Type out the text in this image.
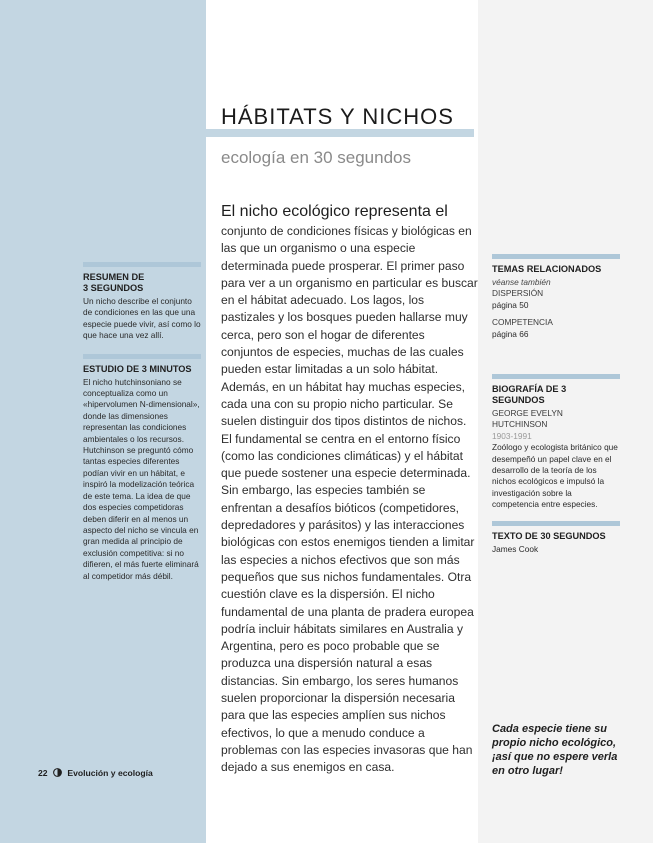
HÁBITATS Y NICHOS
ecología en 30 segundos
El nicho ecológico representa el
conjunto de condiciones físicas y biológicas en las que un organismo o una especie determinada puede prosperar. El primer paso para ver a un organismo en particular es buscar en el hábitat adecuado. Los lagos, los pastizales y los bosques pueden hallarse muy cerca, pero son el hogar de diferentes conjuntos de especies, muchas de las cuales pueden estar limitadas a un solo hábitat. Además, en un hábitat hay muchas especies, cada una con su propio nicho particular. Se suelen distinguir dos tipos distintos de nichos. El fundamental se centra en el entorno físico (como las condiciones climáticas) y el hábitat que puede sostener una especie determinada. Sin embargo, las especies también se enfrentan a desafíos bióticos (competidores, depredadores y parásitos) y las interacciones biológicas con estos enemigos tienden a limitar las especies a nichos efectivos que son más pequeños que sus nichos fundamentales. Otra cuestión clave es la dispersión. El nicho fundamental de una planta de pradera europea podría incluir hábitats similares en Australia y Argentina, pero es poco probable que se produzca una dispersión natural a esas distancias. Sin embargo, los seres humanos suelen proporcionar la dispersión necesaria para que las especies amplíen sus nichos efectivos, lo que a menudo conduce a problemas con las especies invasoras que han dejado a sus enemigos en casa.
RESUMEN DE
3 SEGUNDOS
Un nicho describe el conjunto de condiciones en las que una especie puede vivir, así como lo que hace una vez allí.
ESTUDIO DE 3 MINUTOS
El nicho hutchinsoniano se conceptualiza como un «hipervolumen N-dimensional», donde las dimensiones representan las condiciones ambientales o los recursos. Hutchinson se preguntó cómo tantas especies diferentes podían vivir en un hábitat, e inspiró la modelización teórica de este tema. La idea de que dos especies competidoras deben diferir en al menos un aspecto del nicho se vincula en gran medida al principio de exclusión competitiva: si no difieren, el más fuerte eliminará al competidor más débil.
TEMAS RELACIONADOS
véanse también
DISPERSIÓN
página 50
COMPETENCIA
página 66
BIOGRAFÍA DE 3 SEGUNDOS
GEORGE EVELYN
HUTCHINSON
1903-1991
Zoólogo y ecologista británico que desempeñó un papel clave en el desarrollo de la teoría de los nichos ecológicos e impulsó la investigación sobre la competencia entre especies.
TEXTO DE 30 SEGUNDOS
James Cook
Cada especie tiene su propio nicho ecológico, ¡así que no espere verla en otro lugar!
22 Evolución y ecología
